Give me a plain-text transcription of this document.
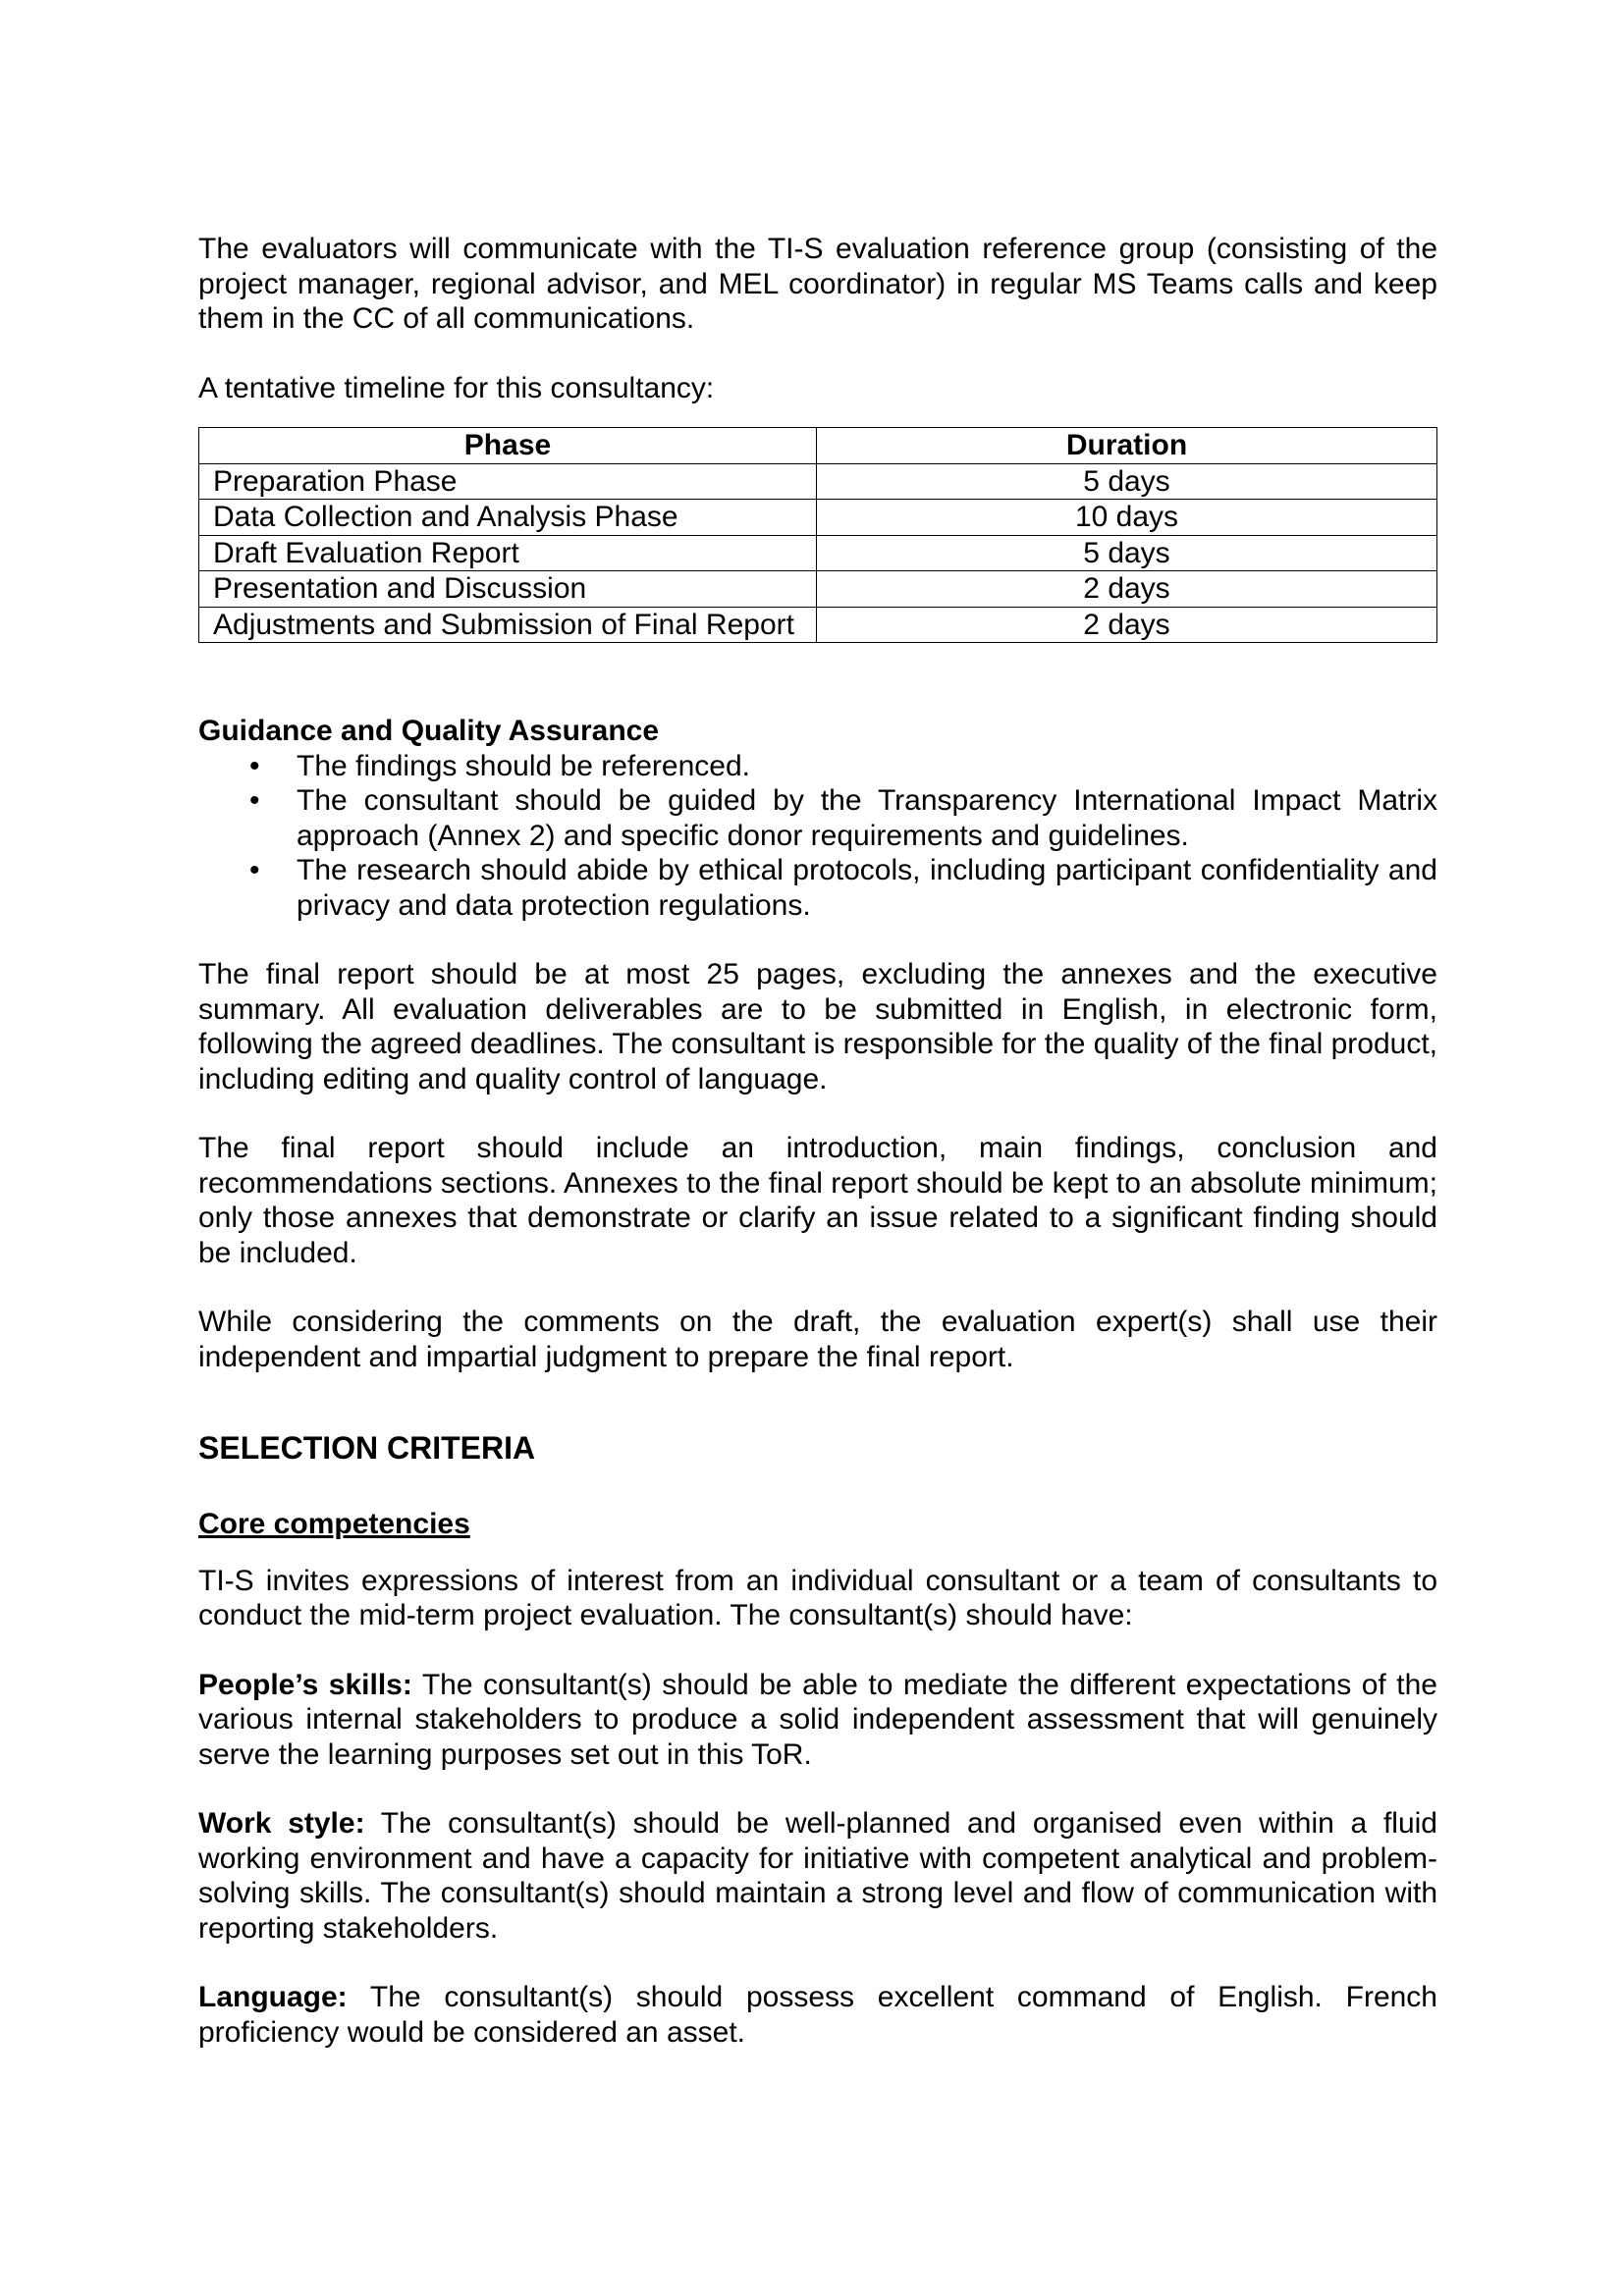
The evaluators will communicate with the TI-S evaluation reference group (consisting of the project manager, regional advisor, and MEL coordinator) in regular MS Teams calls and keep them in the CC of all communications.

A tentative timeline for this consultancy:

Phase	Duration
Preparation Phase	5 days
Data Collection and Analysis Phase	10 days
Draft Evaluation Report	5 days
Presentation and Discussion	2 days
Adjustments and Submission of Final Report	2 days

Guidance and Quality Assurance

• The findings should be referenced.
• The consultant should be guided by the Transparency International Impact Matrix approach (Annex 2) and specific donor requirements and guidelines.
• The research should abide by ethical protocols, including participant confidentiality and privacy and data protection regulations.

The final report should be at most 25 pages, excluding the annexes and the executive summary. All evaluation deliverables are to be submitted in English, in electronic form, following the agreed deadlines. The consultant is responsible for the quality of the final product, including editing and quality control of language.

The final report should include an introduction, main findings, conclusion and recommendations sections. Annexes to the final report should be kept to an absolute minimum; only those annexes that demonstrate or clarify an issue related to a significant finding should be included.

While considering the comments on the draft, the evaluation expert(s) shall use their independent and impartial judgment to prepare the final report.

SELECTION CRITERIA

Core competencies

TI-S invites expressions of interest from an individual consultant or a team of consultants to conduct the mid-term project evaluation. The consultant(s) should have:

People’s skills: The consultant(s) should be able to mediate the different expectations of the various internal stakeholders to produce a solid independent assessment that will genuinely serve the learning purposes set out in this ToR.

Work style: The consultant(s) should be well-planned and organised even within a fluid working environment and have a capacity for initiative with competent analytical and problem-solving skills. The consultant(s) should maintain a strong level and flow of communication with reporting stakeholders.

Language: The consultant(s) should possess excellent command of English. French proficiency would be considered an asset.
